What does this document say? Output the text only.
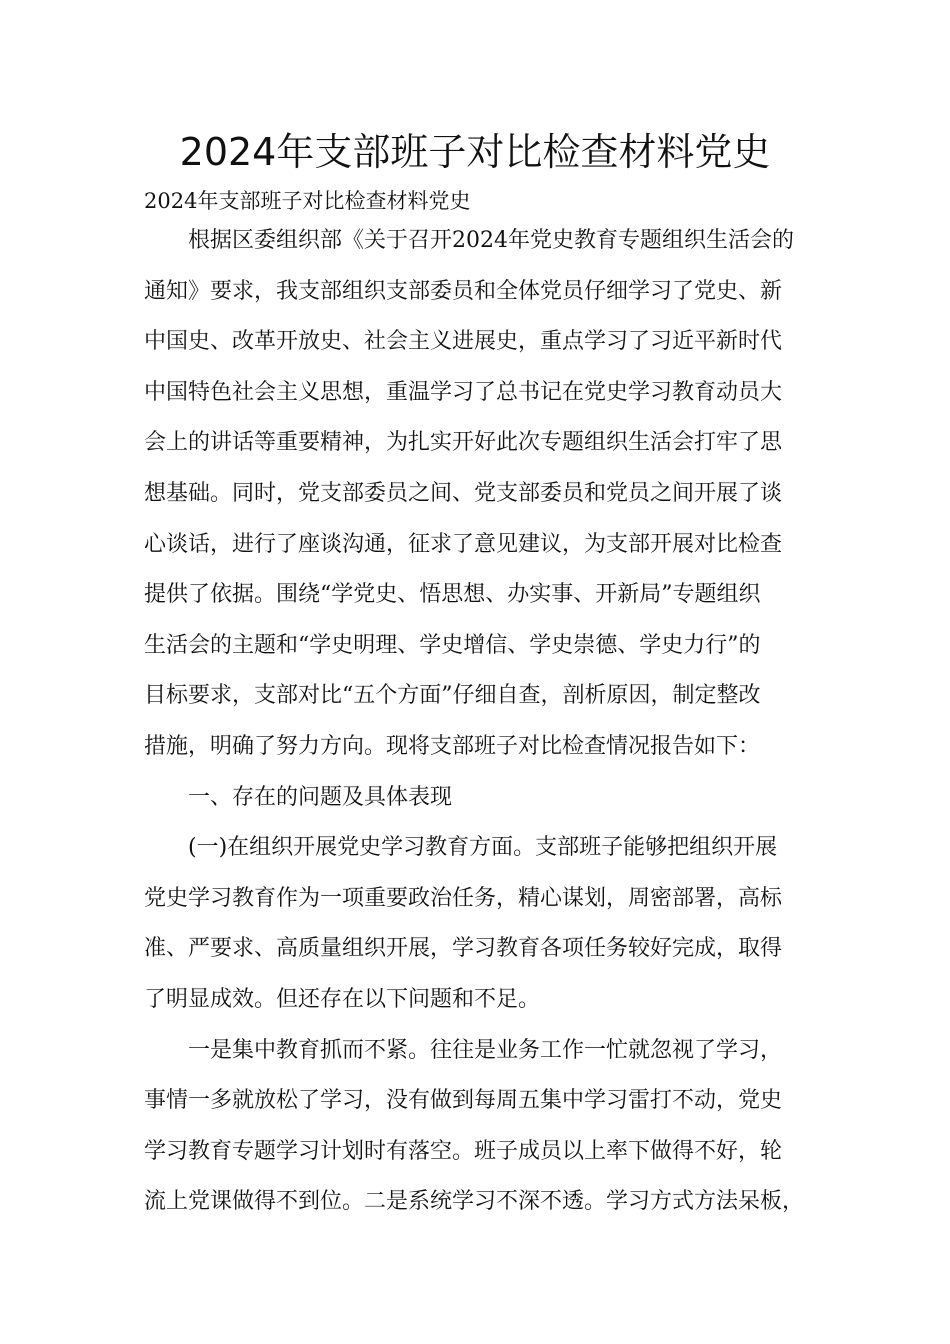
2024年支部班子对比检查材料党史
2024年支部班子对比检查材料党史
根据区委组织部《关于召开2024年党史教育专题组织生活会的
通知》要求，我支部组织支部委员和全体党员仔细学习了党史、新
中国史、改革开放史、社会主义进展史，重点学习了习近平新时代
中国特色社会主义思想，重温学习了总书记在党史学习教育动员大
会上的讲话等重要精神，为扎实开好此次专题组织生活会打牢了思
想基础。同时，党支部委员之间、党支部委员和党员之间开展了谈
心谈话，进行了座谈沟通，征求了意见建议，为支部开展对比检查
提供了依据。围绕“学党史、悟思想、办实事、开新局”专题组织
生活会的主题和“学史明理、学史增信、学史崇德、学史力行”的
目标要求，支部对比“五个方面”仔细自查，剖析原因，制定整改
措施，明确了努力方向。现将支部班子对比检查情况报告如下：
一、存在的问题及具体表现
(一)在组织开展党史学习教育方面。支部班子能够把组织开展
党史学习教育作为一项重要政治任务，精心谋划，周密部署，高标
准、严要求、高质量组织开展，学习教育各项任务较好完成，取得
了明显成效。但还存在以下问题和不足。
一是集中教育抓而不紧。往往是业务工作一忙就忽视了学习，
事情一多就放松了学习，没有做到每周五集中学习雷打不动，党史
学习教育专题学习计划时有落空。班子成员以上率下做得不好，轮
流上党课做得不到位。二是系统学习不深不透。学习方式方法呆板，
